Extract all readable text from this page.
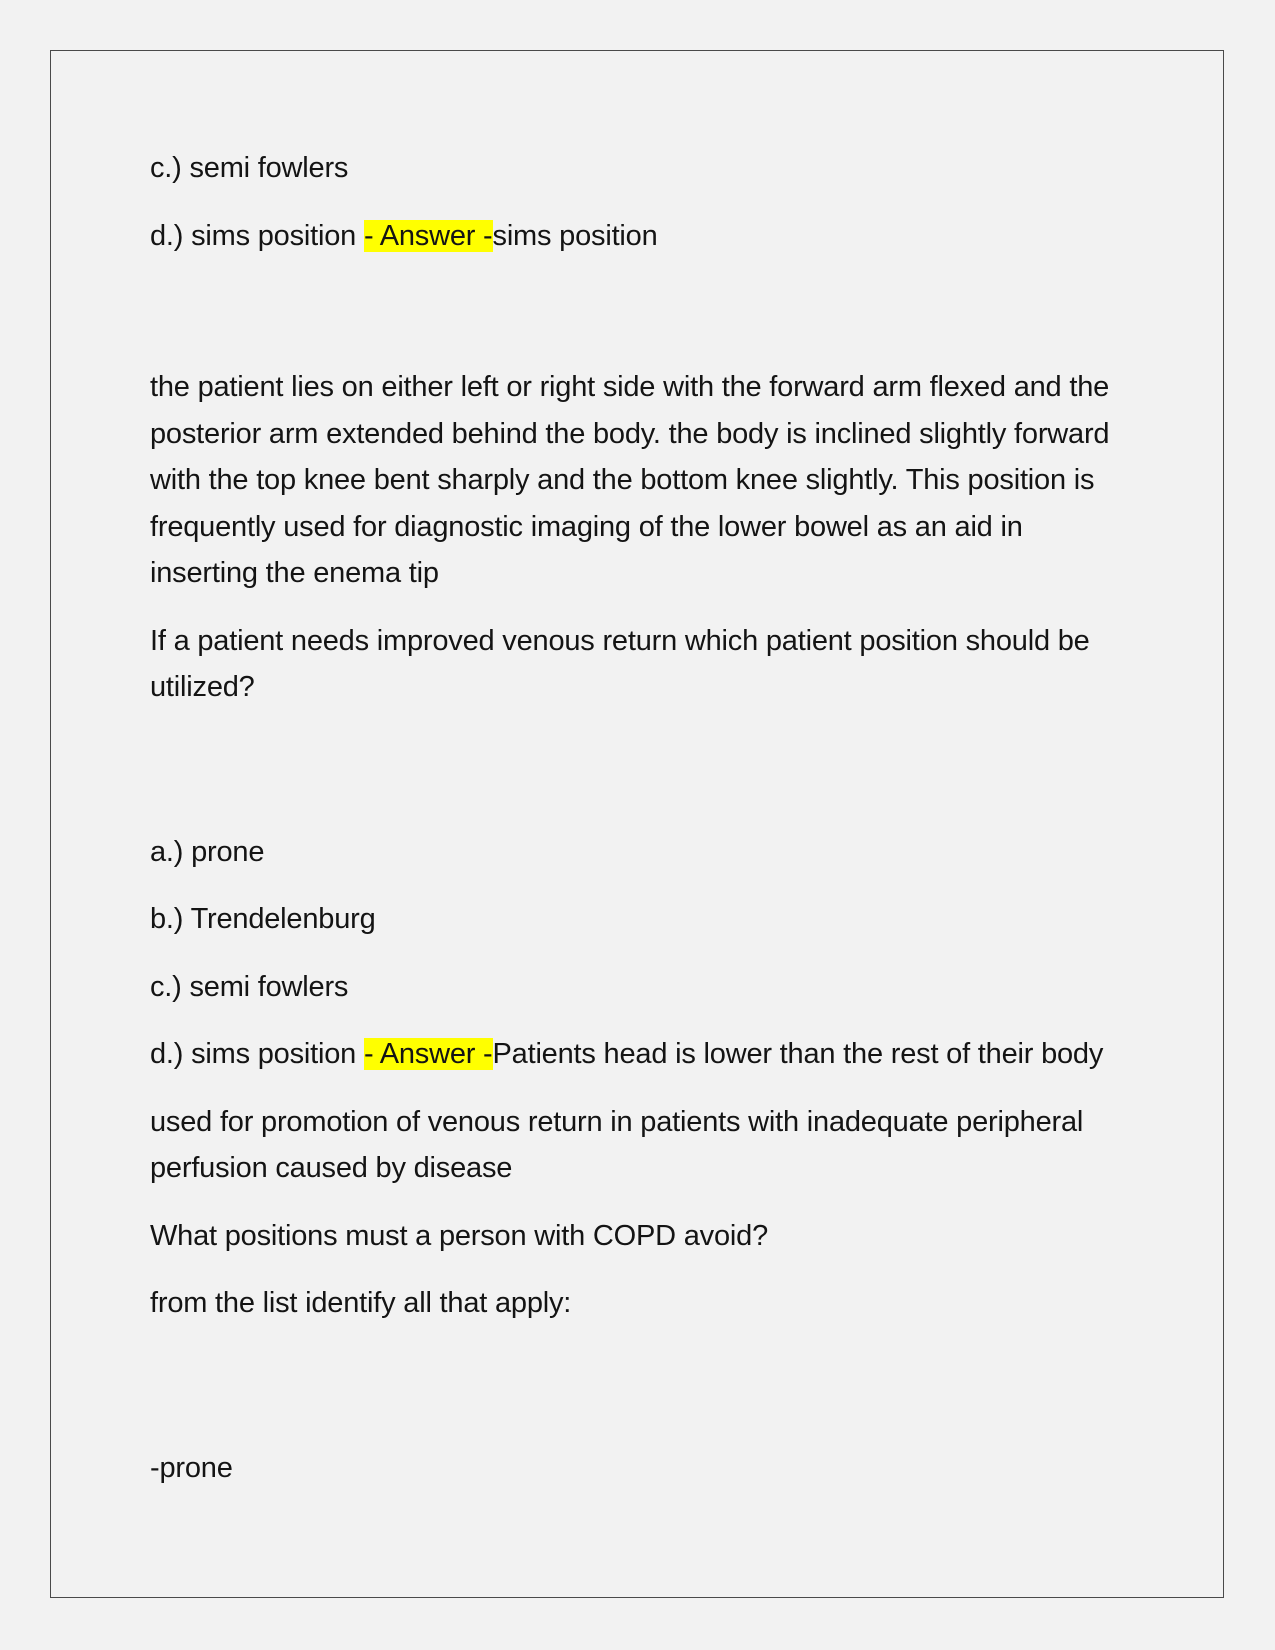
c.) semi fowlers

d.) sims position - Answer -sims position

the patient lies on either left or right side with the forward arm flexed and the posterior arm extended behind the body. the body is inclined slightly forward with the top knee bent sharply and the bottom knee slightly. This position is frequently used for diagnostic imaging of the lower bowel as an aid in inserting the enema tip

If a patient needs improved venous return which patient position should be utilized?

a.) prone

b.) Trendelenburg

c.) semi fowlers

d.) sims position - Answer -Patients head is lower than the rest of their body

used for promotion of venous return in patients with inadequate peripheral perfusion caused by disease

What positions must a person with COPD avoid?

from the list identify all that apply:

-prone
